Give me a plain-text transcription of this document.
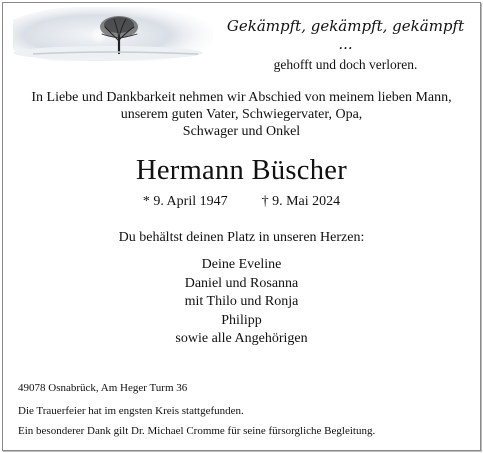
Gekämpft, gekämpft, gekämpft ...
gehofft und doch verloren.
In Liebe und Dankbarkeit nehmen wir Abschied von meinem lieben Mann,
unserem guten Vater, Schwiegervater, Opa,
Schwager und Onkel
Hermann Büscher
* 9. April 1947 † 9. Mai 2024
Du behältst deinen Platz in unseren Herzen:
Deine Eveline
Daniel und Rosanna
mit Thilo und Ronja
Philipp
sowie alle Angehörigen
49078 Osnabrück, Am Heger Turm 36
Die Trauerfeier hat im engsten Kreis stattgefunden.
Ein besonderer Dank gilt Dr. Michael Cromme für seine fürsorgliche Begleitung.
